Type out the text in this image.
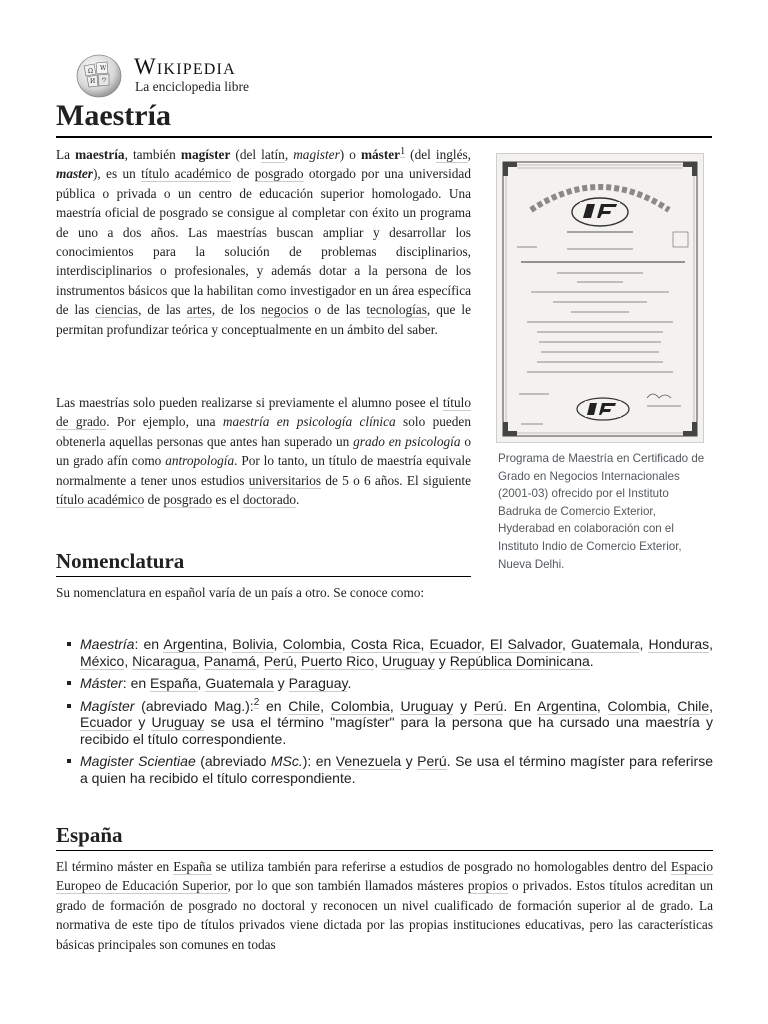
Ω W
И ウ
Wikipedia
La enciclopedia libre
Maestría

La maestría, también magíster (del latín, magister) o máster$^1$ (del inglés, master), es un título académico de posgrado otorgado por una universidad pública o privada o un centro de educación superior homologado. Una maestría oficial de posgrado se consigue al completar con éxito un programa de uno a dos años. Las maestrías buscan ampliar y desarrollar los conocimientos para la solución de problemas disciplinarios, interdisciplinarios o profesionales, y además dotar a la persona de los instrumentos básicos que la habilitan como investigador en un área específica de las ciencias, de las artes, de los negocios o de las tecnologías, que le permitan profundizar teórica y conceptualmente en un ámbito del saber.

Las maestrías solo pueden realizarse si previamente el alumno posee el título de grado. Por ejemplo, una maestría en psicología clínica solo pueden obtenerla aquellas personas que antes han superado un grado en psicología o un grado afín como antropología. Por lo tanto, un título de maestría equivale normalmente a tener unos estudios universitarios de 5 o 6 años. El siguiente título académico de posgrado es el doctorado.

Programa de Maestría en Certificado de Grado en Negocios Internacionales (2001-03) ofrecido por el Instituto Badruka de Comercio Exterior, Hyderabad en colaboración con el Instituto Indio de Comercio Exterior, Nueva Delhi.
Nomenclatura
Su nomenclatura en español varía de un país a otro. Se conoce como:
Maestría: en Argentina, Bolivia, Colombia, Costa Rica, Ecuador, El Salvador, Guatemala, Honduras, México, Nicaragua, Panamá, Perú, Puerto Rico, Uruguay y República Dominicana.
Máster: en España, Guatemala y Paraguay.
Magíster (abreviado Mag.):$^2$ en Chile, Colombia, Uruguay y Perú. En Argentina, Colombia, Chile, Ecuador y Uruguay se usa el término "magíster" para la persona que ha cursado una maestría y recibido el título correspondiente.
Magister Scientiae (abreviado MSc.): en Venezuela y Perú. Se usa el término magíster para referirse a quien ha recibido el título correspondiente.
España
El término máster en España se utiliza también para referirse a estudios de posgrado no homologables dentro del Espacio Europeo de Educación Superior, por lo que son también llamados másteres propios o privados. Estos títulos acreditan un grado de formación de posgrado no doctoral y reconocen un nivel cualificado de formación superior al de grado. La normativa de este tipo de títulos privados viene dictada por las propias instituciones educativas, pero las características básicas principales son comunes en todas
